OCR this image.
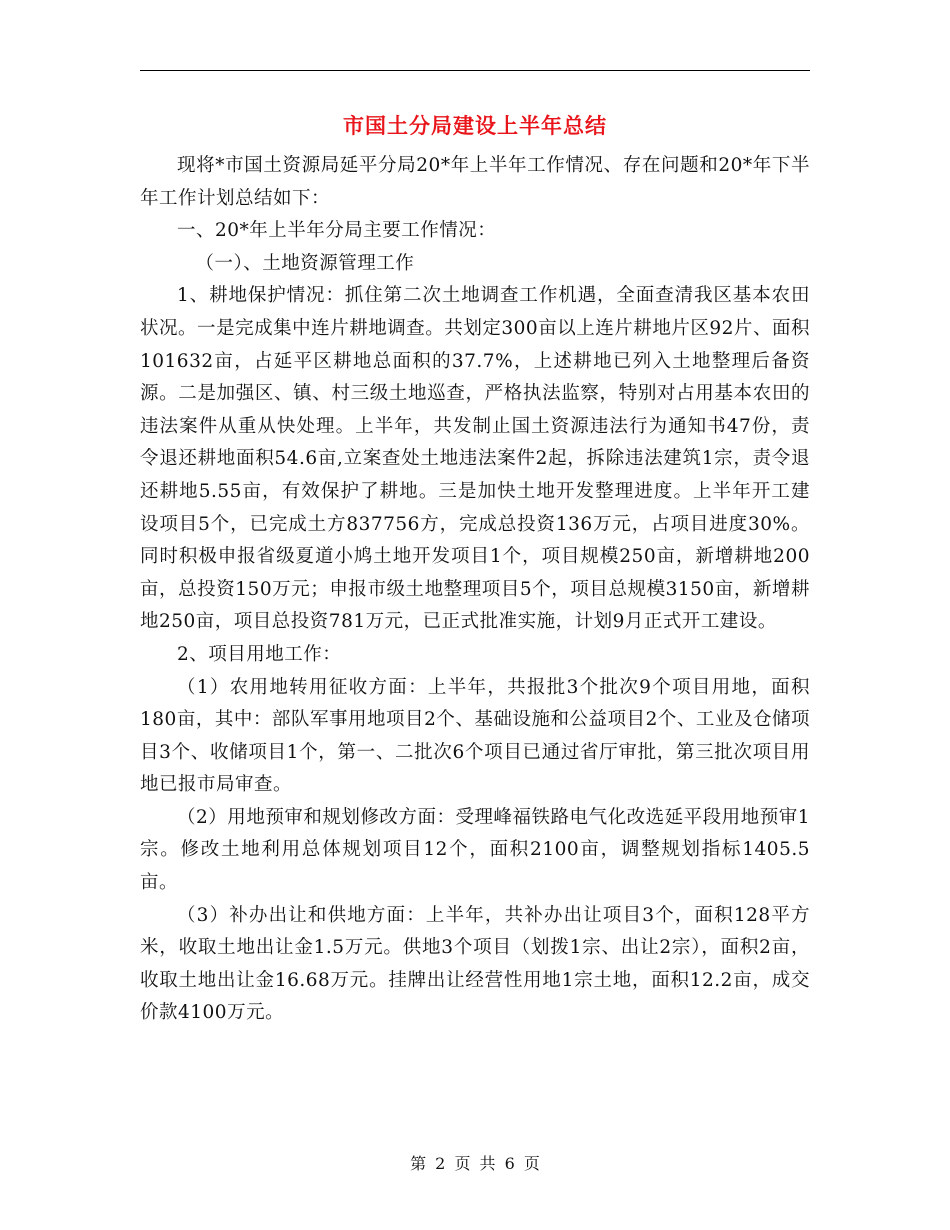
市国土分局建设上半年总结

现将*市国土资源局延平分局20*年上半年工作情况、存在问题和20*年下半年工作计划总结如下：

一、20*年上半年分局主要工作情况：

（一）、土地资源管理工作

1、耕地保护情况：抓住第二次土地调查工作机遇，全面查清我区基本农田状况。一是完成集中连片耕地调查。共划定300亩以上连片耕地片区92片、面积101632亩，占延平区耕地总面积的37.7%，上述耕地已列入土地整理后备资源。二是加强区、镇、村三级土地巡查，严格执法监察，特别对占用基本农田的违法案件从重从快处理。上半年，共发制止国土资源违法行为通知书47份，责令退还耕地面积54.6亩,立案查处土地违法案件2起，拆除违法建筑1宗，责令退还耕地5.55亩，有效保护了耕地。三是加快土地开发整理进度。上半年开工建设项目5个，已完成土方837756方，完成总投资136万元，占项目进度30%。同时积极申报省级夏道小鸠土地开发项目1个，项目规模250亩，新增耕地200亩，总投资150万元；申报市级土地整理项目5个，项目总规模3150亩，新增耕地250亩，项目总投资781万元，已正式批准实施，计划9月正式开工建设。

2、项目用地工作：

（1）农用地转用征收方面：上半年，共报批3个批次9个项目用地，面积180亩，其中：部队军事用地项目2个、基础设施和公益项目2个、工业及仓储项目3个、收储项目1个，第一、二批次6个项目已通过省厅审批，第三批次项目用地已报市局审查。

（2）用地预审和规划修改方面：受理峰福铁路电气化改选延平段用地预审1宗。修改土地利用总体规划项目12个，面积2100亩，调整规划指标1405.5亩。

（3）补办出让和供地方面：上半年，共补办出让项目3个，面积128平方米，收取土地出让金1.5万元。供地3个项目（划拨1宗、出让2宗），面积2亩，收取土地出让金16.68万元。挂牌出让经营性用地1宗土地，面积12.2亩，成交价款4100万元。

第 2 页 共 6 页
